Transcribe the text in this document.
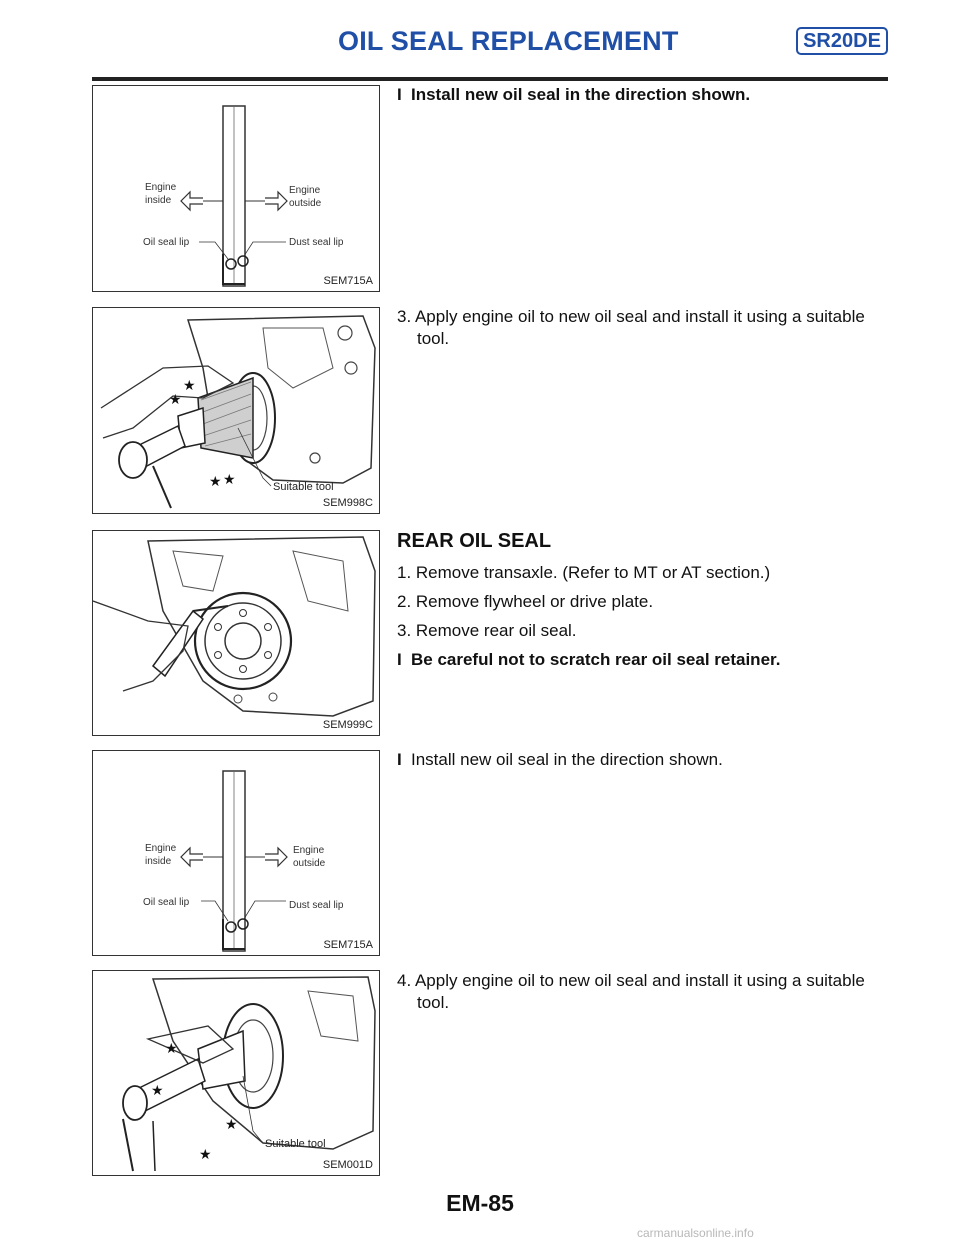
OIL SEAL REPLACEMENT	SR20DE
Engine
inside
Engine
outside
Oil seal lip	Dust seal lip
SEM715A
★
★
★ ★	Suitable tool
SEM998C
SEM999C
Engine
inside
Engine
outside
Oil seal lip	Dust seal lip
SEM715A
★
★
★
★
Suitable tool
SEM001D
I Install new oil seal in the direction shown.
3. Apply engine oil to new oil seal and install it using a suitable
tool.
REAR OIL SEAL
1. Remove transaxle. (Refer to MT or AT section.)
2. Remove flywheel or drive plate.
3. Remove rear oil seal.
I Be careful not to scratch rear oil seal retainer.
I Install new oil seal in the direction shown.
4. Apply engine oil to new oil seal and install it using a suitable
tool.
EM-85
carmanualsonline.info
